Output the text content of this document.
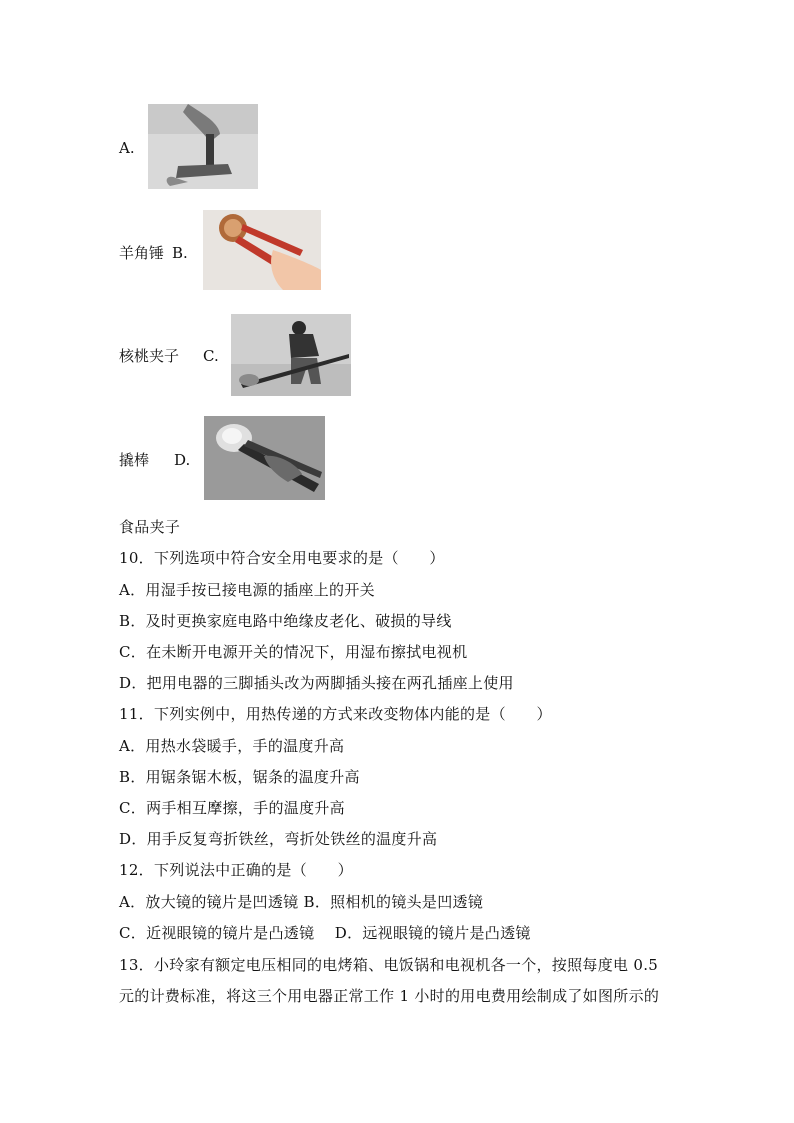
A.
羊角锤 B.
核桃夹子 C.
撬棒 D.
食品夹子
10．下列选项中符合安全用电要求的是（　　）
A．用湿手按已接电源的插座上的开关
B．及时更换家庭电路中绝缘皮老化、破损的导线
C．在未断开电源开关的情况下，用湿布擦拭电视机
D．把用电器的三脚插头改为两脚插头接在两孔插座上使用
11．下列实例中，用热传递的方式来改变物体内能的是（　　）
A．用热水袋暖手，手的温度升高
B．用锯条锯木板，锯条的温度升高
C．两手相互摩擦，手的温度升高
D．用手反复弯折铁丝，弯折处铁丝的温度升高
12．下列说法中正确的是（　　）
A．放大镜的镜片是凹透镜 B．照相机的镜头是凹透镜
C．近视眼镜的镜片是凸透镜　 D．远视眼镜的镜片是凸透镜
13．小玲家有额定电压相同的电烤箱、电饭锅和电视机各一个，按照每度电 0.5
元的计费标准，将这三个用电器正常工作 1 小时的用电费用绘制成了如图所示的
